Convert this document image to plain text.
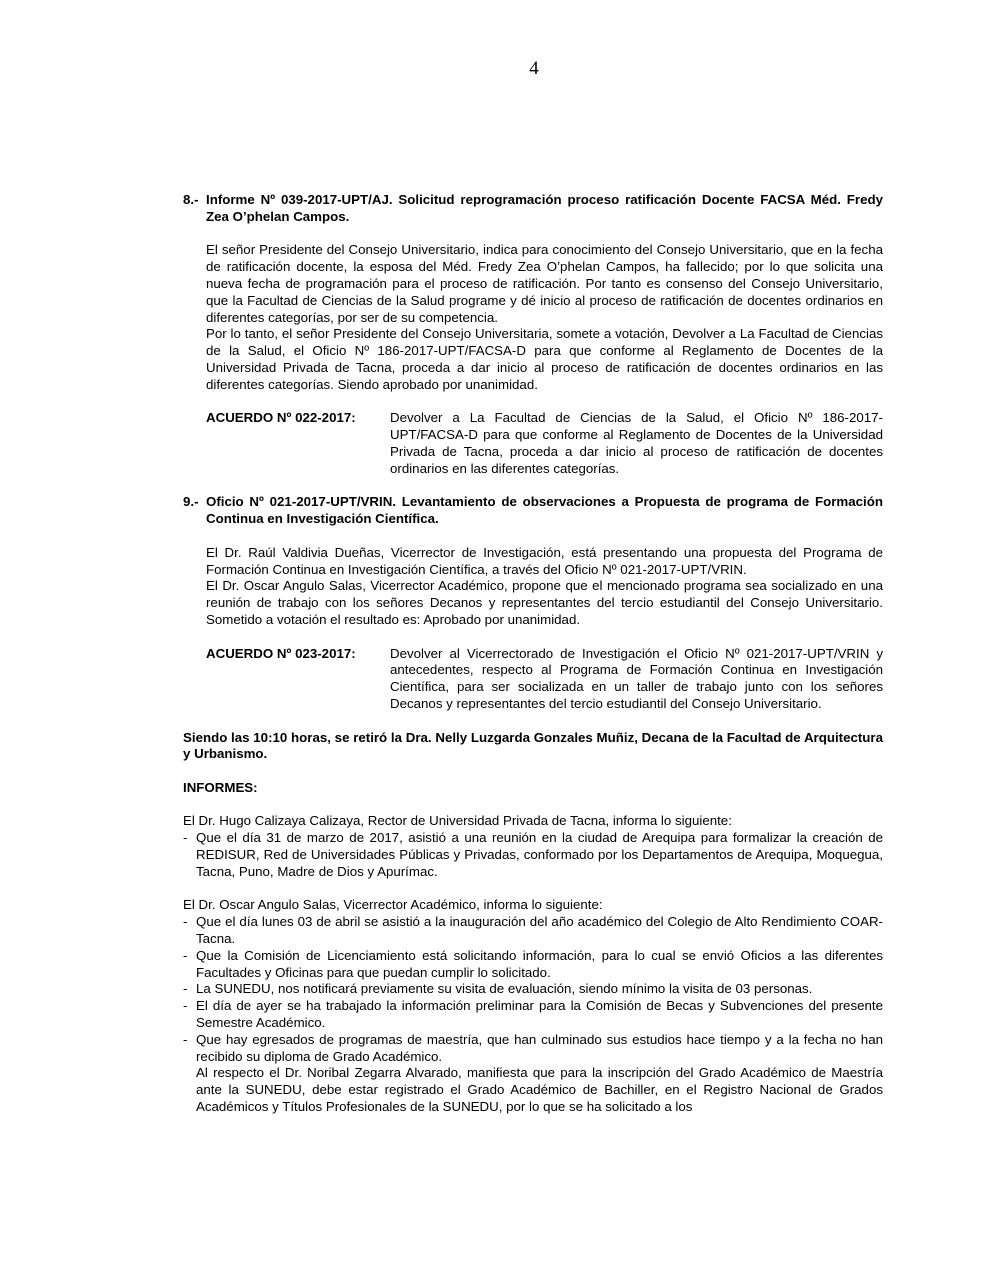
4
8.- Informe Nº 039-2017-UPT/AJ. Solicitud reprogramación proceso ratificación Docente FACSA Méd. Fredy Zea O’phelan Campos.
El señor Presidente del Consejo Universitario, indica para conocimiento del Consejo Universitario, que en la fecha de ratificación docente, la esposa del Méd. Fredy Zea O’phelan Campos, ha fallecido; por lo que solicita una nueva fecha de programación para el proceso de ratificación. Por tanto es consenso del Consejo Universitario, que la Facultad de Ciencias de la Salud programe y dé inicio al proceso de ratificación de docentes ordinarios en diferentes categorías, por ser de su competencia.
Por lo tanto, el señor Presidente del Consejo Universitaria, somete a votación, Devolver a La Facultad de Ciencias de la Salud, el Oficio Nº 186-2017-UPT/FACSA-D para que conforme al Reglamento de Docentes de la Universidad Privada de Tacna, proceda a dar inicio al proceso de ratificación de docentes ordinarios en las diferentes categorías. Siendo aprobado por unanimidad.
ACUERDO Nº 022-2017:	Devolver a La Facultad de Ciencias de la Salud, el Oficio Nº 186-2017-UPT/FACSA-D para que conforme al Reglamento de Docentes de la Universidad Privada de Tacna, proceda a dar inicio al proceso de ratificación de docentes ordinarios en las diferentes categorías.
9.- Oficio Nº 021-2017-UPT/VRIN. Levantamiento de observaciones a Propuesta de programa de Formación Continua en Investigación Científica.
El Dr. Raúl Valdivia Dueñas, Vicerrector de Investigación, está presentando una propuesta del Programa de Formación Continua en Investigación Científica, a través del Oficio Nº 021-2017-UPT/VRIN.
El Dr. Oscar Angulo Salas, Vicerrector Académico, propone que el mencionado programa sea socializado en una reunión de trabajo con los señores Decanos y representantes del tercio estudiantil del Consejo Universitario. Sometido a votación el resultado es: Aprobado por unanimidad.
ACUERDO Nº 023-2017:	Devolver al Vicerrectorado de Investigación el Oficio Nº 021-2017-UPT/VRIN y antecedentes, respecto al Programa de Formación Continua en Investigación Científica, para ser socializada en un taller de trabajo junto con los señores Decanos y representantes del tercio estudiantil del Consejo Universitario.
Siendo las 10:10 horas, se retiró la Dra. Nelly Luzgarda Gonzales Muñiz, Decana de la Facultad de Arquitectura y Urbanismo.
INFORMES:
El Dr. Hugo Calizaya Calizaya, Rector de Universidad Privada de Tacna, informa lo siguiente:
- Que el día 31 de marzo de 2017, asistió a una reunión en la ciudad de Arequipa para formalizar la creación de REDISUR, Red de Universidades Públicas y Privadas, conformado por los Departamentos de Arequipa, Moquegua, Tacna, Puno, Madre de Dios y Apurímac.
El Dr. Oscar Angulo Salas, Vicerrector Académico, informa lo siguiente:
- Que el día lunes 03 de abril se asistió a la inauguración del año académico del Colegio de Alto Rendimiento COAR-Tacna.
- Que la Comisión de Licenciamiento está solicitando información, para lo cual se envió Oficios a las diferentes Facultades y Oficinas para que puedan cumplir lo solicitado.
- La SUNEDU, nos notificará previamente su visita de evaluación, siendo mínimo la visita de 03 personas.
- El día de ayer se ha trabajado la información preliminar para la Comisión de Becas y Subvenciones del presente Semestre Académico.
- Que hay egresados de programas de maestría, que han culminado sus estudios hace tiempo y a la fecha no han recibido su diploma de Grado Académico.
Al respecto el Dr. Noribal Zegarra Alvarado, manifiesta que para la inscripción del Grado Académico de Maestría ante la SUNEDU, debe estar registrado el Grado Académico de Bachiller, en el Registro Nacional de Grados Académicos y Títulos Profesionales de la SUNEDU, por lo que se ha solicitado a los
